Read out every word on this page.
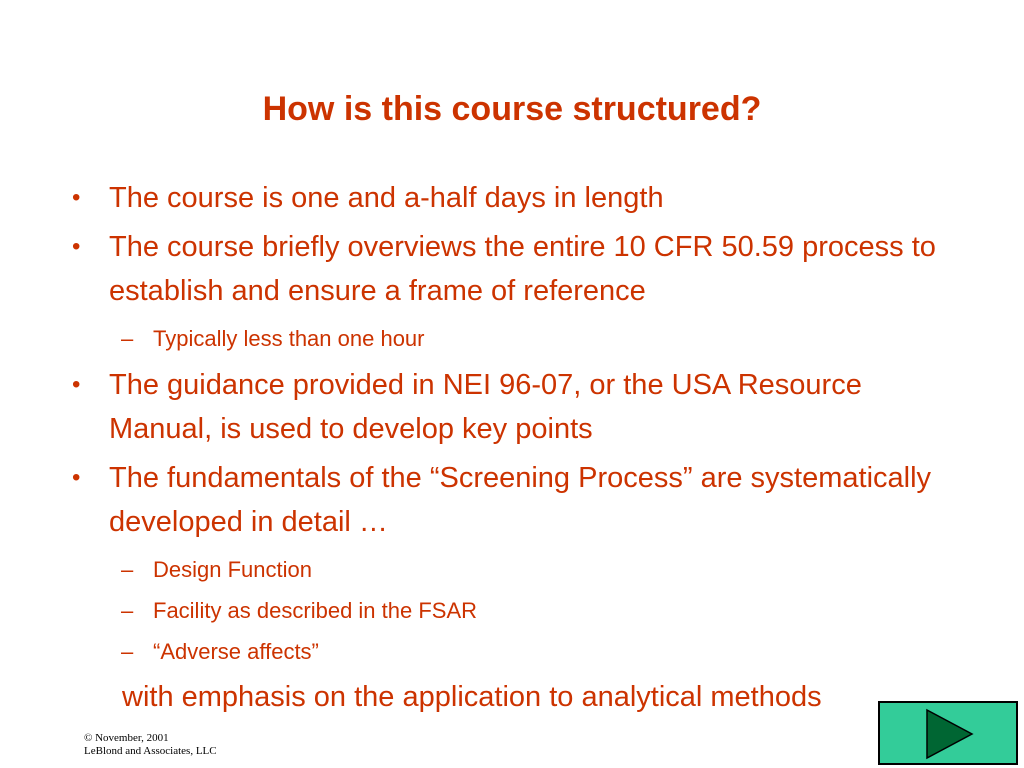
How is this course structured?
• The course is one and a-half days in length
• The course briefly overviews the entire 10 CFR 50.59 process to establish and ensure a frame of reference
– Typically less than one hour
• The guidance provided in NEI 96-07, or the USA Resource Manual, is used to develop key points
• The fundamentals of the “Screening Process” are systematically developed in detail …
– Design Function
– Facility as described in the FSAR
– “Adverse affects”
with emphasis on the application to analytical methods
© November, 2001
LeBlond and Associates, LLC
